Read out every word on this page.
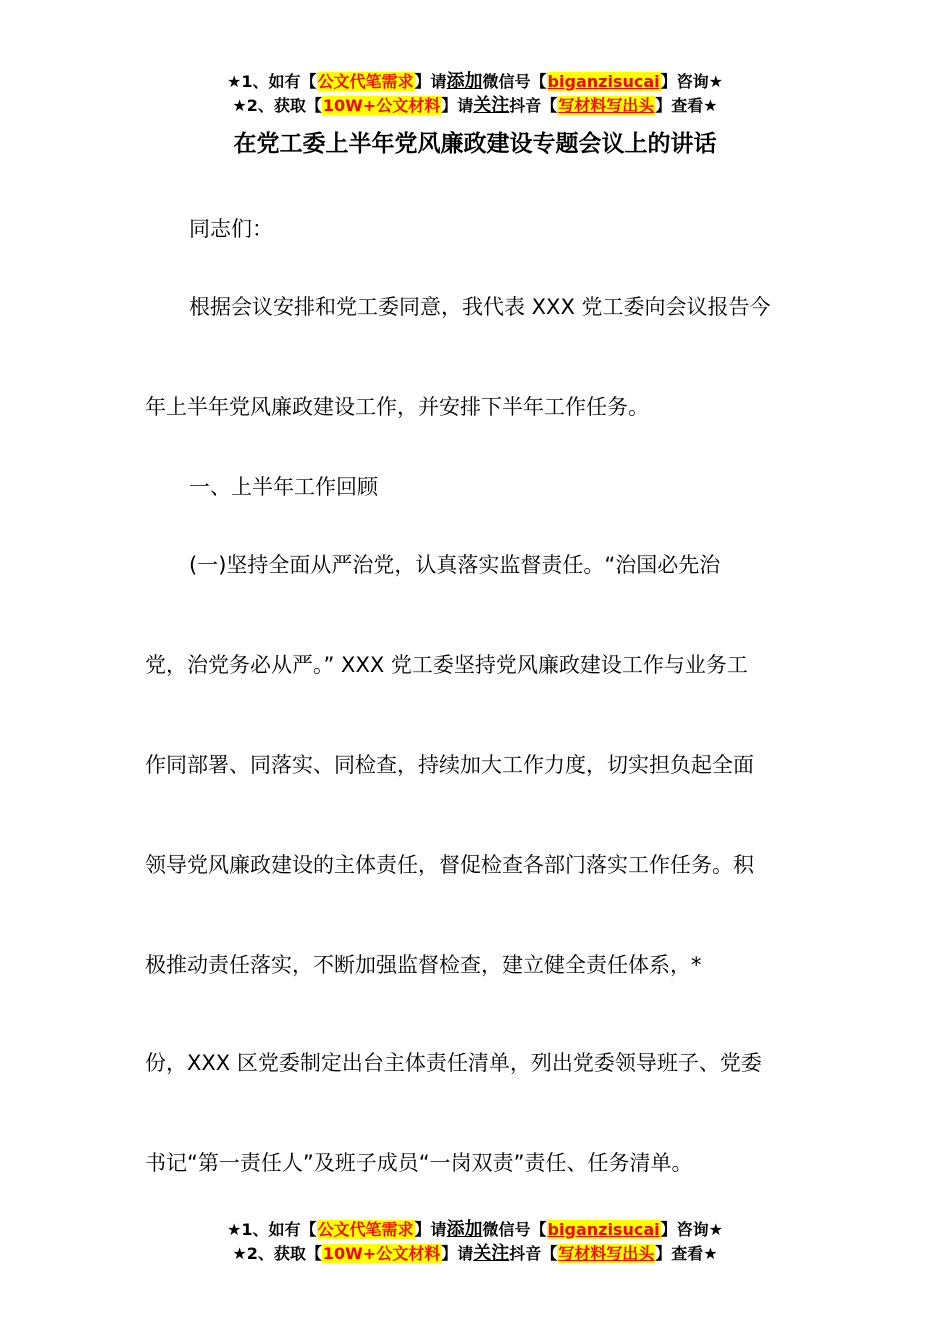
★1、如有【公文代笔需求】请添加微信号【biganzisucai】咨询★
★2、获取【10W+公文材料】请关注抖音【写材料写出头】查看★
在党工委上半年党风廉政建设专题会议上的讲话
同志们：
根据会议安排和党工委同意，我代表 XXX 党工委向会议报告今
年上半年党风廉政建设工作，并安排下半年工作任务。
一、上半年工作回顾
(一)坚持全面从严治党，认真落实监督责任。“治国必先治
党，治党务必从严。” XXX 党工委坚持党风廉政建设工作与业务工
作同部署、同落实、同检查，持续加大工作力度，切实担负起全面
领导党风廉政建设的主体责任，督促检查各部门落实工作任务。积
极推动责任落实，不断加强监督检查，建立健全责任体系，*
份，XXX 区党委制定出台主体责任清单，列出党委领导班子、党委
书记“第一责任人”及班子成员“一岗双责”责任、任务清单。
★1、如有【公文代笔需求】请添加微信号【biganzisucai】咨询★
★2、获取【10W+公文材料】请关注抖音【写材料写出头】查看★
